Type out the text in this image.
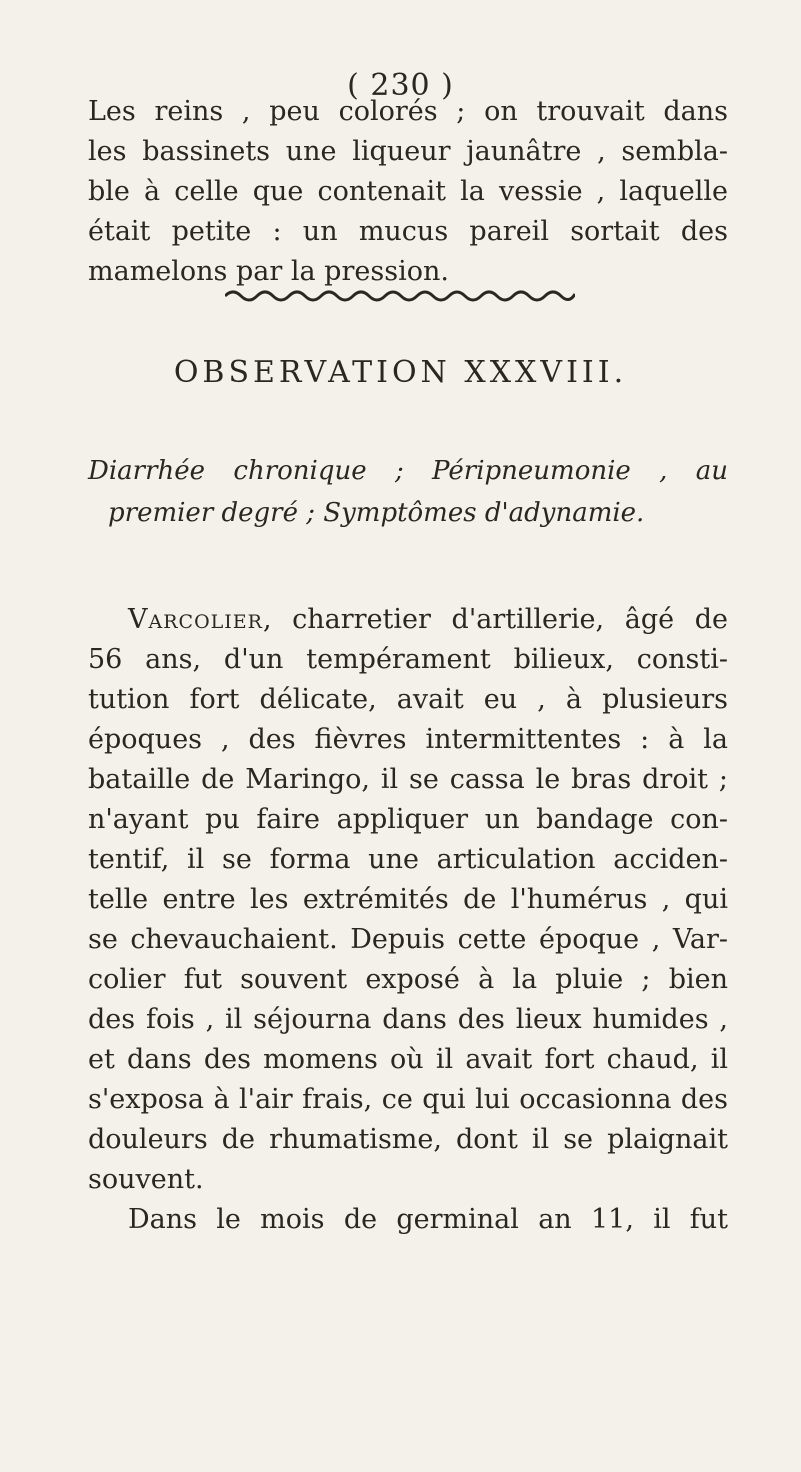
( 230 )
Les reins , peu colorés ; on trouvait dans
les bassinets une liqueur jaunâtre , sembla-
ble à celle que contenait la vessie , laquelle
était petite : un mucus pareil sortait des
mamelons par la pression.
OBSERVATION XXXVIII.
Diarrhée chronique ; Péripneumonie , au
premier degré ; Symptômes d'adynamie.
Varcolier, charretier d'artillerie, âgé de
56 ans, d'un tempérament bilieux, consti-
tution fort délicate, avait eu , à plusieurs
époques , des fièvres intermittentes : à la
bataille de Maringo, il se cassa le bras droit ;
n'ayant pu faire appliquer un bandage con-
tentif, il se forma une articulation acciden-
telle entre les extrémités de l'humérus , qui
se chevauchaient. Depuis cette époque , Var-
colier fut souvent exposé à la pluie ; bien
des fois , il séjourna dans des lieux humides ,
et dans des momens où il avait fort chaud, il
s'exposa à l'air frais, ce qui lui occasionna des
douleurs de rhumatisme, dont il se plaignait
souvent.
Dans le mois de germinal an 11, il fut
